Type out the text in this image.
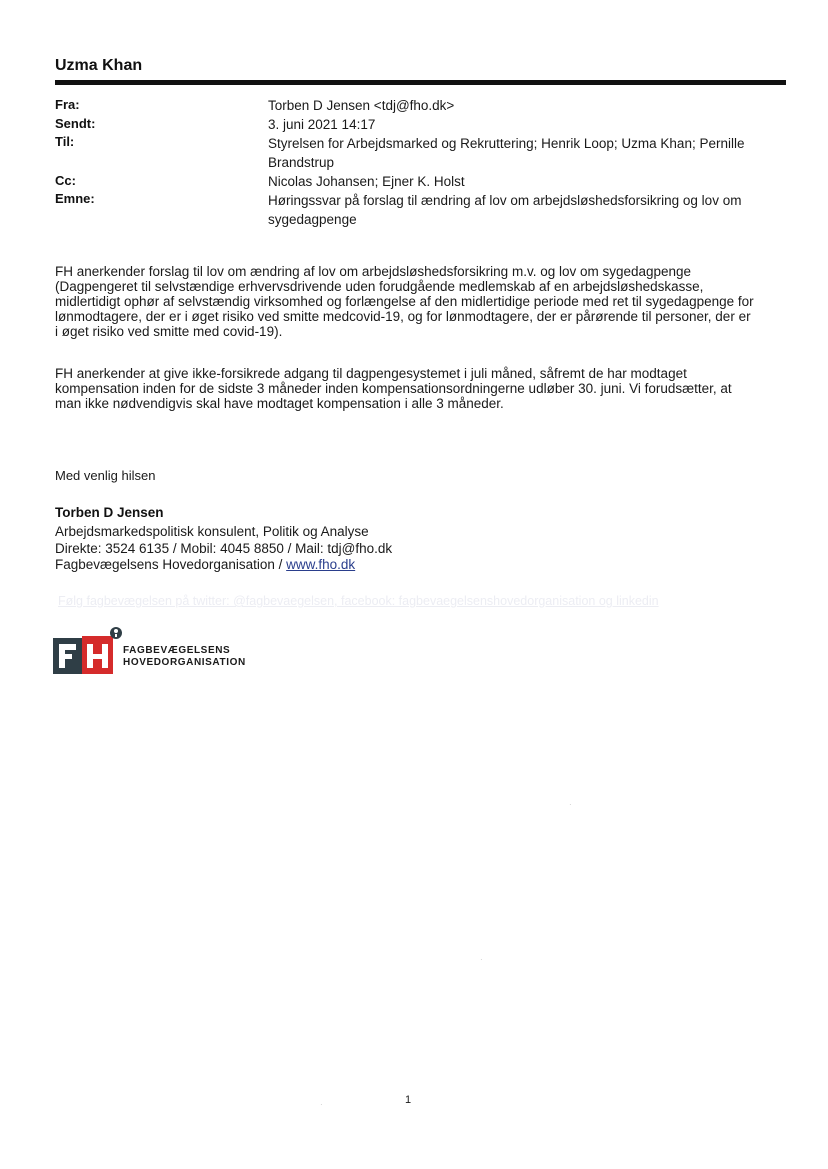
Uzma Khan
Fra:	Torben D Jensen <tdj@fho.dk>
Sendt:	3. juni 2021 14:17
Til:	Styrelsen for Arbejdsmarked og Rekruttering; Henrik Loop; Uzma Khan; Pernille Brandstrup
Cc:	Nicolas Johansen; Ejner K. Holst
Emne:	Høringssvar på forslag til ændring af lov om arbejdsløshedsforsikring og lov om sygedagpenge
FH anerkender forslag til lov om ændring af lov om arbejdsløshedsforsikring m.v. og lov om sygedagpenge
(Dagpengeret til selvstændige erhvervsdrivende uden forudgående medlemskab af en arbejdsløshedskasse,
midlertidigt ophør af selvstændig virksomhed og forlængelse af den midlertidige periode med ret til sygedagpenge for
lønmodtagere, der er i øget risiko ved smitte medcovid-19, og for lønmodtagere, der er pårørende til personer, der er
i øget risiko ved smitte med covid-19).
FH anerkender at give ikke-forsikrede adgang til dagpengesystemet i juli måned, såfremt de har modtaget
kompensation inden for de sidste 3 måneder inden kompensationsordningerne udløber 30. juni. Vi forudsætter, at
man ikke nødvendigvis skal have modtaget kompensation i alle 3 måneder.
Med venlig hilsen
Torben D Jensen
Arbejdsmarkedspolitisk konsulent, Politik og Analyse
Direkte: 3524 6135 / Mobil: 4045 8850 / Mail: tdj@fho.dk
Fagbevægelsens Hovedorganisation / www.fho.dk
Følg fagbevægelsen på twitter: @fagbevaegelsen, facebook: fagbevaegelsenshovedorganisation og linkedin
FAGBEVÆGELSENS
HOVEDORGANISATION
·
·
·	1
